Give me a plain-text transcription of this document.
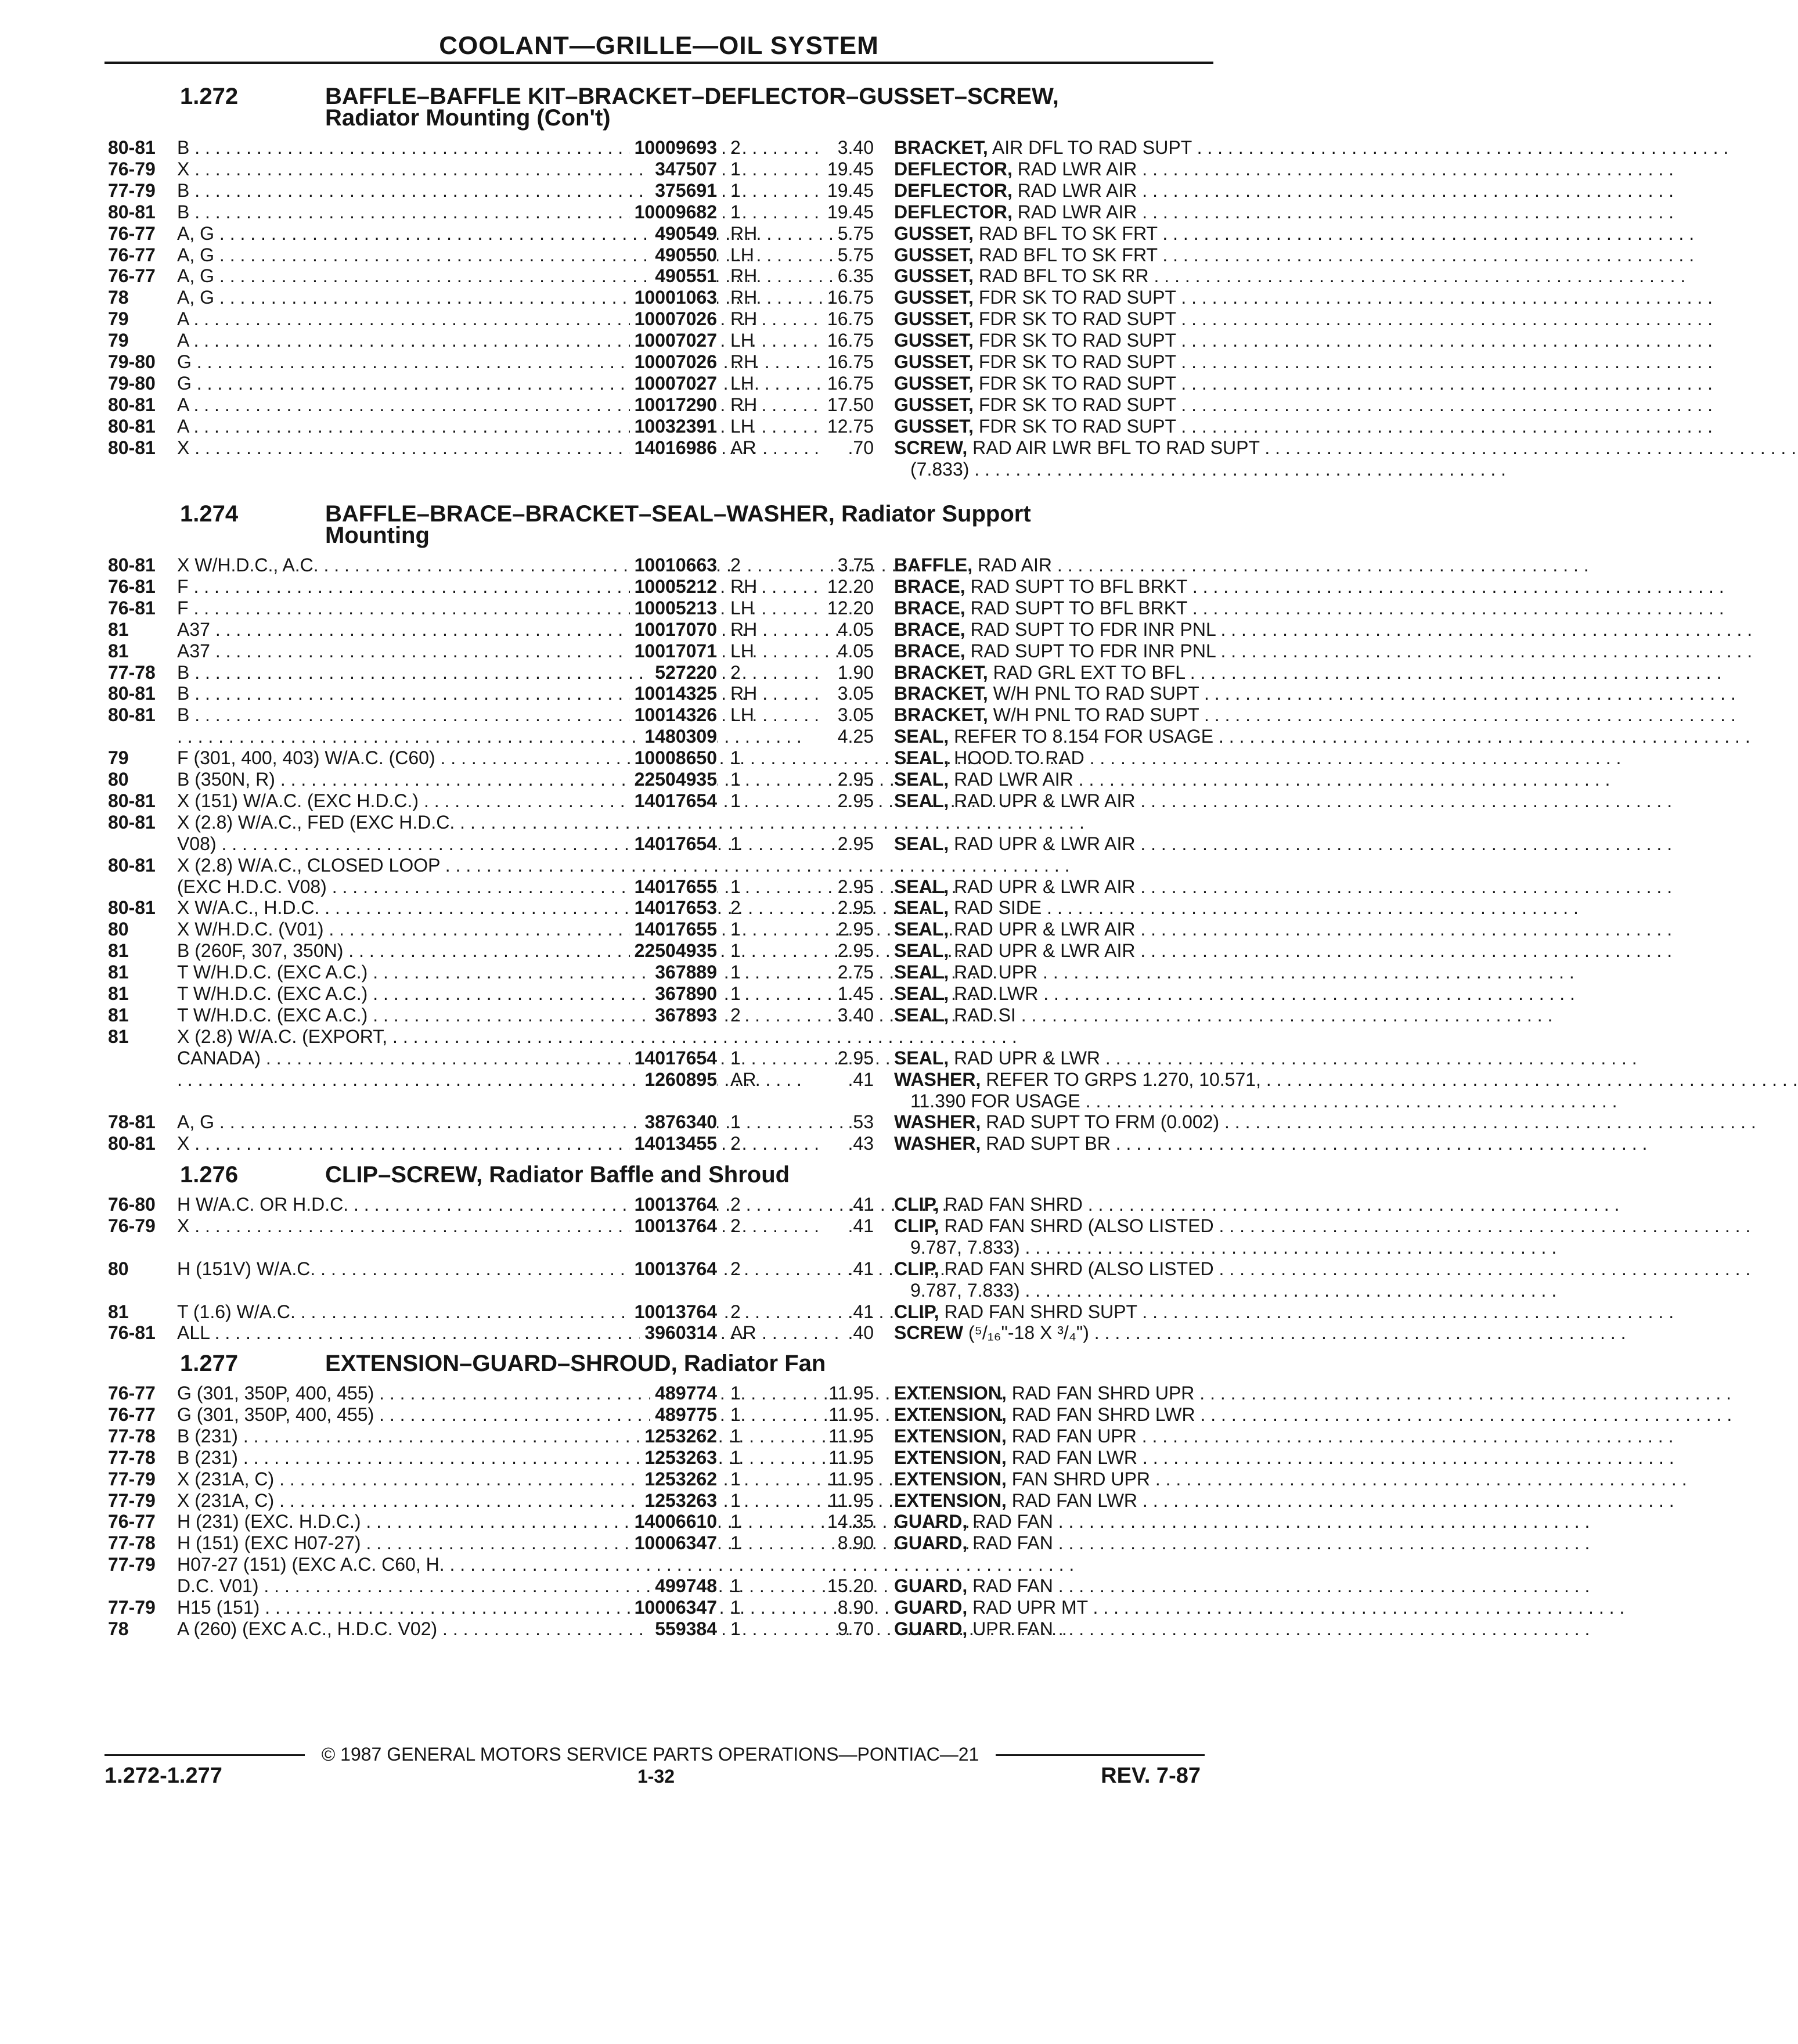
COOLANT—GRILLE—OIL SYSTEM
1.272	BAFFLE–BAFFLE KIT–BRACKET–DEFLECTOR–GUSSET–SCREW,
Radiator Mounting (Con't)
80-81 B . . .	10009693 2	3.40 BRACKET, AIR DFL TO RAD SUPT . . .
76-79 X . . .	347507 1	19.45 DEFLECTOR, RAD LWR AIR . . .
77-79 B . . .	375691 1	19.45 DEFLECTOR, RAD LWR AIR . . .
80-81 B . . .	10009682 1	19.45 DEFLECTOR, RAD LWR AIR . . .
76-77 A, G . . .	490549 RH	5.75 GUSSET, RAD BFL TO SK FRT . . .
76-77 A, G . . .	490550 LH	5.75 GUSSET, RAD BFL TO SK FRT . . .
76-77 A, G . . .	490551 RH	6.35 GUSSET, RAD BFL TO SK RR . . .
78	A, G . . .	10001063 RH	16.75 GUSSET, FDR SK TO RAD SUPT . . .
79	A . . .	10007026 RH	16.75 GUSSET, FDR SK TO RAD SUPT . . .
79	A . . .	10007027 LH	16.75 GUSSET, FDR SK TO RAD SUPT . . .
79-80 G . . .	10007026 RH	16.75 GUSSET, FDR SK TO RAD SUPT . . .
79-80 G . . .	10007027 LH	16.75 GUSSET, FDR SK TO RAD SUPT . . .
80-81 A . . .	10017290 RH	17.50 GUSSET, FDR SK TO RAD SUPT . . .
80-81 A . . .	10032391 LH	12.75 GUSSET, FDR SK TO RAD SUPT . . .
80-81 X . . .	14016986 AR	.70 SCREW, RAD AIR LWR BFL TO RAD SUPT . . .
(7.833) . . .
1.274	BAFFLE–BRACE–BRACKET–SEAL–WASHER, Radiator Support
Mounting
80-81 X W/H.D.C., A.C. . . .	10010663 2	3.75 BAFFLE, RAD AIR . . .
76-81 F . . .	10005212 RH	12.20 BRACE, RAD SUPT TO BFL BRKT . . .
76-81 F . . .	10005213 LH	12.20 BRACE, RAD SUPT TO BFL BRKT . . .
81	A37 . . .	10017070 RH	4.05 BRACE, RAD SUPT TO FDR INR PNL . . .
81	A37 . . .	10017071 LH	4.05 BRACE, RAD SUPT TO FDR INR PNL . . .
77-78 B . . .	527220 2	1.90 BRACKET, RAD GRL EXT TO BFL . . .
80-81 B . . .	10014325 RH	3.05 BRACKET, W/H PNL TO RAD SUPT . . .
80-81 B . . .	10014326 LH	3.05 BRACKET, W/H PNL TO RAD SUPT . . .
. . .
1480309	4.25 SEAL, REFER TO 8.154 FOR USAGE . . .
79	F (301, 400, 403) W/A.C. (C60) . . .	10008650 1	SEAL, HOOD TO RAD . . .
80	B (350N, R) . . .	22504935 1	2.95 SEAL, RAD LWR AIR . . .
80-81 X (151) W/A.C. (EXC H.D.C.) . . .	14017654 1	2.95 SEAL, RAD UPR & LWR AIR . . .
80-81 X (2.8) W/A.C., FED (EXC H.D.C. . . .
V08) . . .	14017654 1	2.95 SEAL, RAD UPR & LWR AIR . . .
80-81 X (2.8) W/A.C., CLOSED LOOP . . .
(EXC H.D.C. V08) . . .	14017655 1	2.95 SEAL, RAD UPR & LWR AIR . . .
80-81 X W/A.C., H.D.C. . . .	14017653 2	2.95 SEAL, RAD SIDE . . .
80	X W/H.D.C. (V01) . . .	14017655 1	2.95 SEAL, RAD UPR & LWR AIR . . .
81	B (260F, 307, 350N) . . .	22504935 1	2.95 SEAL, RAD UPR & LWR AIR . . .
81	T W/H.D.C. (EXC A.C.) . . .	367889 1	2.75 SEAL, RAD UPR . . .
81	T W/H.D.C. (EXC A.C.) . . .	367890 1	1.45 SEAL, RAD LWR . . .
81	T W/H.D.C. (EXC A.C.) . . .	367893 2	3.40 SEAL, RAD SI . . .
81	X (2.8) W/A.C. (EXPORT, . . .
CANADA) . . .	14017654 1	2.95 SEAL, RAD UPR & LWR . . .
. . .
1260895 AR	.41 WASHER, REFER TO GRPS 1.270, 10.571, . . .
11.390 FOR USAGE . . .
78-81 A, G . . .	3876340 1	.53 WASHER, RAD SUPT TO FRM (0.002) . . .
80-81 X . . .	14013455 2	.43 WASHER, RAD SUPT BR . . .
1.276	CLIP–SCREW, Radiator Baffle and Shroud
76-80 H W/A.C. OR H.D.C. . . .	10013764 2	.41 CLIP, RAD FAN SHRD . . .
76-79 X . . .	10013764 2	.41 CLIP, RAD FAN SHRD (ALSO LISTED . . .
9.787, 7.833) . . .
80	H (151V) W/A.C. . . .	10013764 2	.41 CLIP, RAD FAN SHRD (ALSO LISTED . . .
9.787, 7.833) . . .
81	T (1.6) W/A.C. . . .	10013764 2	.41 CLIP, RAD FAN SHRD SUPT . . .
76-81 ALL . . .	3960314 AR	.40 SCREW (⁵/₁₆"-18 X ³/₄") . . .
1.277	EXTENSION–GUARD–SHROUD, Radiator Fan
76-77 G (301, 350P, 400, 455) . . .	489774 1	11.95 EXTENSION, RAD FAN SHRD UPR . . .
76-77 G (301, 350P, 400, 455) . . .	489775 1	11.95 EXTENSION, RAD FAN SHRD LWR . . .
77-78 B (231) . . .	1253262 1	11.95 EXTENSION, RAD FAN UPR . . .
77-78 B (231) . . .	1253263 1	11.95 EXTENSION, RAD FAN LWR . . .
77-79 X (231A, C) . . .	1253262 1	11.95 EXTENSION, FAN SHRD UPR . . .
77-79 X (231A, C) . . .	1253263 1	11.95 EXTENSION, RAD FAN LWR . . .
76-77 H (231) (EXC. H.D.C.) . . .	14006610 1	14.35 GUARD, RAD FAN . . .
77-78 H (151) (EXC H07-27) . . .	10006347 1	8.90 GUARD, RAD FAN . . .
77-79 H07-27 (151) (EXC A.C. C60, H. . . .
D.C. V01) . . .	499748 1	15.20 GUARD, RAD FAN . . .
77-79 H15 (151) . . .	10006347 1	8.90 GUARD, RAD UPR MT . . .
78	A (260) (EXC A.C., H.D.C. V02) . . .	559384 1	9.70 GUARD, UPR FAN . . .
© 1987 GENERAL MOTORS SERVICE PARTS OPERATIONS—PONTIAC—21
1.272-1.277	1-32	REV. 7-87
